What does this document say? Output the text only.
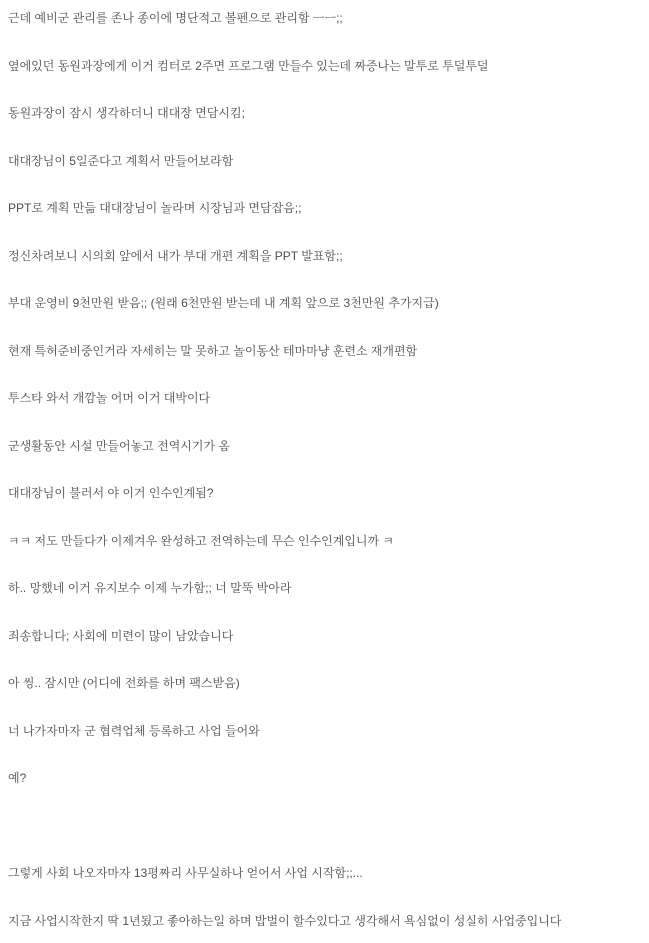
근데 예비군 관리를 존나 종이에 명단적고 볼펜으로 관리함 ㅡㅡ;;

옆에있던 동원과장에게 이거 컴터로 2주면 프로그램 만들수 있는데 짜증나는 말투로 투덜투덜

동원과장이 잠시 생각하더니 대대장 면담시킴;

대대장님이 5일준다고 계획서 만들어보라함

PPT로 계획 만듦 대대장님이 놀라며 시장님과 면담잡음;;

정신차려보니 시의회 앞에서 내가 부대 개편 계획을 PPT 발표함;;

부대 운영비 9천만원 받음;; (원래 6천만원 받는데 내 계획 앞으로 3천만원 추가지급)

현재 특허준비중인거라 자세히는 말 못하고 놀이동산 테마마냥 훈련소 재개편함

투스타 와서 개깜놀 어머 이거 대박이다

군생활동안 시설 만들어놓고 전역시기가 옴

대대장님이 불러서 야 이거 인수인계됨?

ㅋㅋ 저도 만들다가 이제겨우 완성하고 전역하는데 무슨 인수인계입니까 ㅋ

하.. 망했네 이거 유지보수 이제 누가함;; 너 말뚝 박아라

죄송합니다; 사회에 미련이 많이 남았습니다

아 씽.. 잠시만 (어디에 전화를 하며 팩스받음)

너 나가자마자 군 협력업체 등록하고 사업 들어와

예?

그렇게 사회 나오자마자 13평짜리 사무실하나 얻어서 사업 시작함;;...

지금 사업시작한지 딱 1년됬고 좋아하는일 하며 밥벌이 할수있다고 생각해서 욕심없이 성실히 사업중입니다
